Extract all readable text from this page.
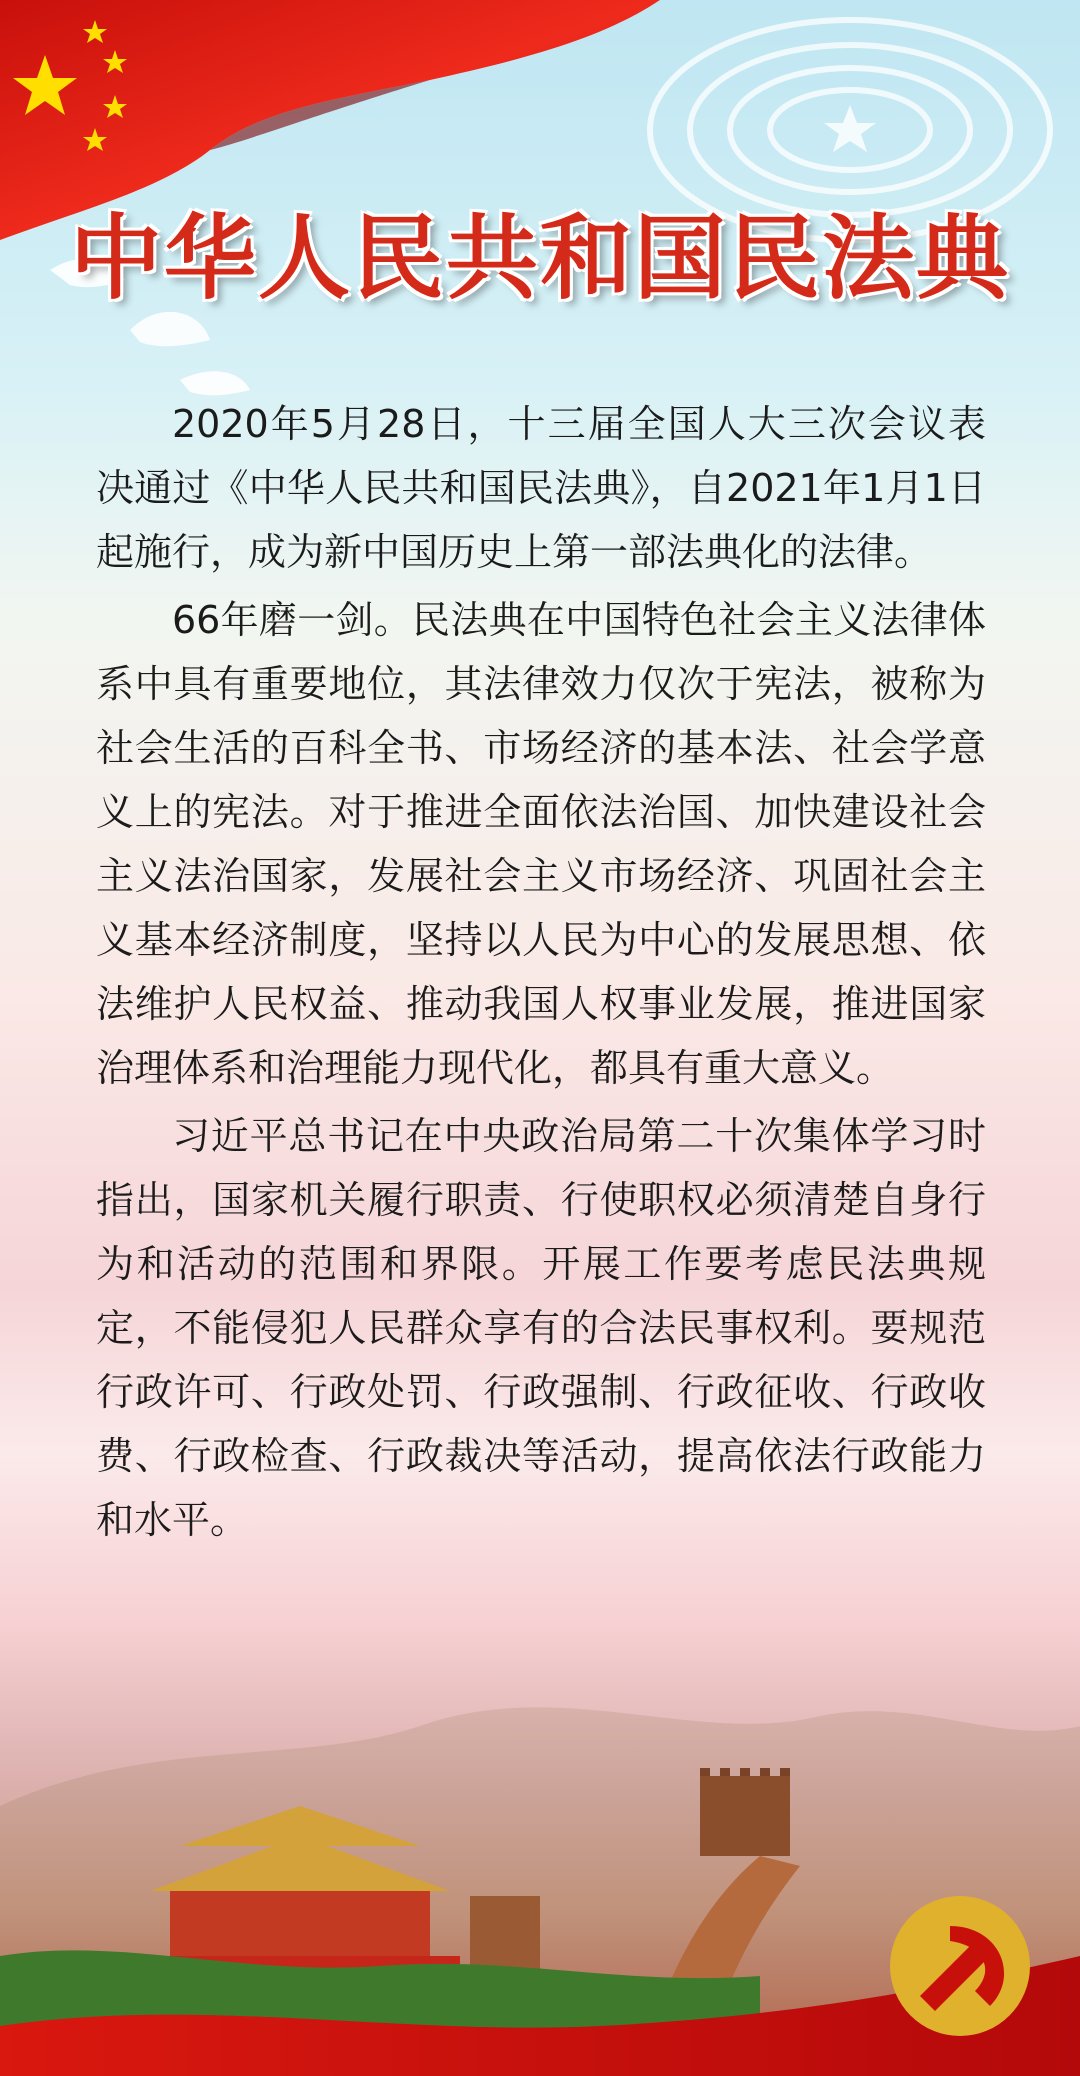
中华人民共和国民法典

2020年5月28日，十三届全国人大三次会议表决通过《中华人民共和国民法典》，自2021年1月1日起施行，成为新中国历史上第一部法典化的法律。

66年磨一剑。民法典在中国特色社会主义法律体系中具有重要地位，其法律效力仅次于宪法，被称为社会生活的百科全书、市场经济的基本法、社会学意义上的宪法。对于推进全面依法治国、加快建设社会主义法治国家，发展社会主义市场经济、巩固社会主义基本经济制度，坚持以人民为中心的发展思想、依法维护人民权益、推动我国人权事业发展，推进国家治理体系和治理能力现代化，都具有重大意义。

习近平总书记在中央政治局第二十次集体学习时指出，国家机关履行职责、行使职权必须清楚自身行为和活动的范围和界限。开展工作要考虑民法典规定，不能侵犯人民群众享有的合法民事权利。要规范行政许可、行政处罚、行政强制、行政征收、行政收费、行政检查、行政裁决等活动，提高依法行政能力和水平。
